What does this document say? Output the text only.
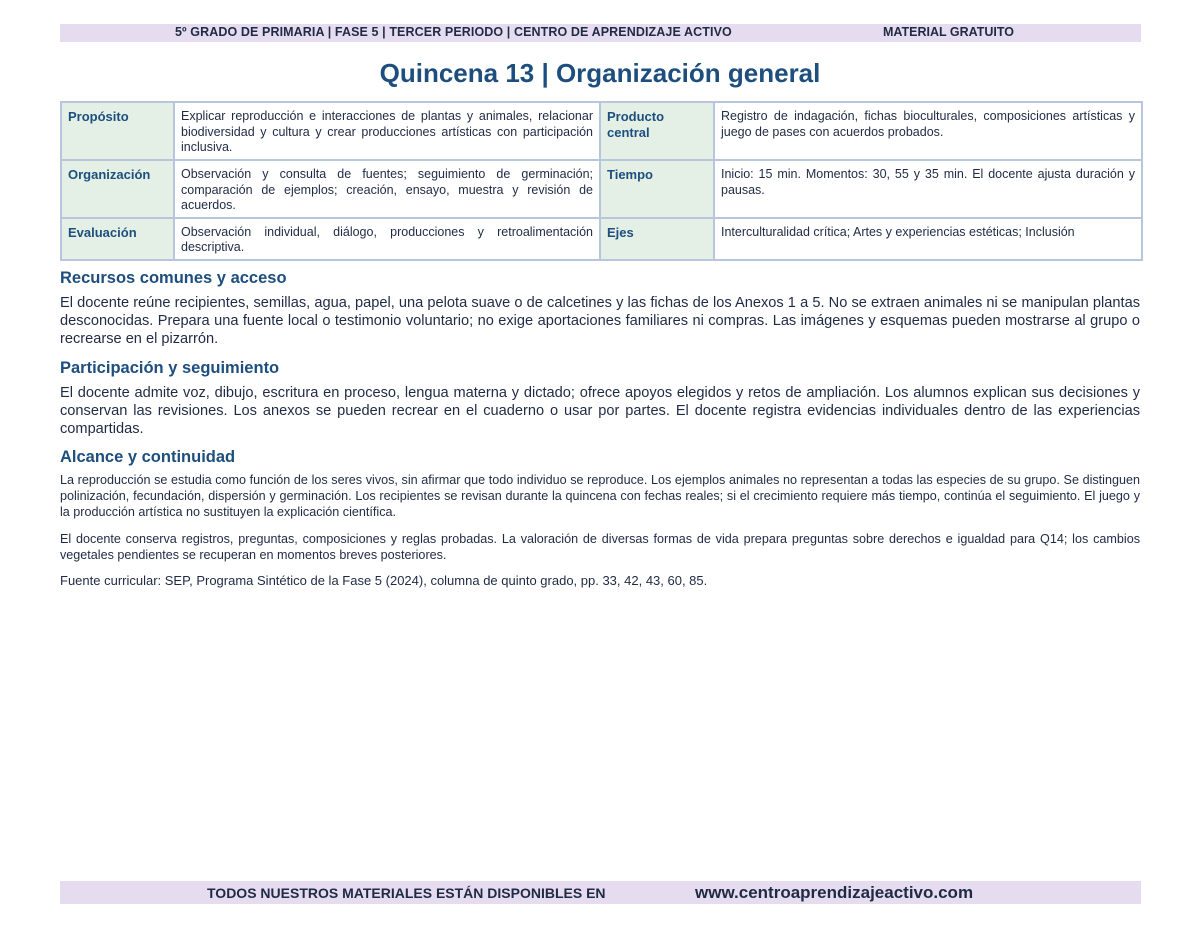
5º GRADO DE PRIMARIA | FASE 5 | TERCER PERIODO | CENTRO DE APRENDIZAJE ACTIVO	MATERIAL GRATUITO
Quincena 13 | Organización general
Propósito	Explicar reproducción e interacciones de plantas y animales, relacionar biodiversidad y cultura y crear producciones artísticas con participación inclusiva.	Producto central	Registro de indagación, fichas bioculturales, composiciones artísticas y juego de pases con acuerdos probados.
Organización	Observación y consulta de fuentes; seguimiento de germinación; comparación de ejemplos; creación, ensayo, muestra y revisión de acuerdos.	Tiempo	Inicio: 15 min. Momentos: 30, 55 y 35 min. El docente ajusta duración y pausas.
Evaluación	Observación individual, diálogo, producciones y retroalimentación descriptiva.	Ejes	Interculturalidad crítica; Artes y experiencias estéticas; Inclusión
Recursos comunes y acceso
El docente reúne recipientes, semillas, agua, papel, una pelota suave o de calcetines y las fichas de los Anexos 1 a 5. No se extraen animales ni se manipulan plantas desconocidas. Prepara una fuente local o testimonio voluntario; no exige aportaciones familiares ni compras. Las imágenes y esquemas pueden mostrarse al grupo o recrearse en el pizarrón.
Participación y seguimiento
El docente admite voz, dibujo, escritura en proceso, lengua materna y dictado; ofrece apoyos elegidos y retos de ampliación. Los alumnos explican sus decisiones y conservan las revisiones. Los anexos se pueden recrear en el cuaderno o usar por partes. El docente registra evidencias individuales dentro de las experiencias compartidas.
Alcance y continuidad
La reproducción se estudia como función de los seres vivos, sin afirmar que todo individuo se reproduce. Los ejemplos animales no representan a todas las especies de su grupo. Se distinguen polinización, fecundación, dispersión y germinación. Los recipientes se revisan durante la quincena con fechas reales; si el crecimiento requiere más tiempo, continúa el seguimiento. El juego y la producción artística no sustituyen la explicación científica.
El docente conserva registros, preguntas, composiciones y reglas probadas. La valoración de diversas formas de vida prepara preguntas sobre derechos e igualdad para Q14; los cambios vegetales pendientes se recuperan en momentos breves posteriores.
Fuente curricular: SEP, Programa Sintético de la Fase 5 (2024), columna de quinto grado, pp. 33, 42, 43, 60, 85.
TODOS NUESTROS MATERIALES ESTÁN DISPONIBLES EN	www.centroaprendizajeactivo.com
